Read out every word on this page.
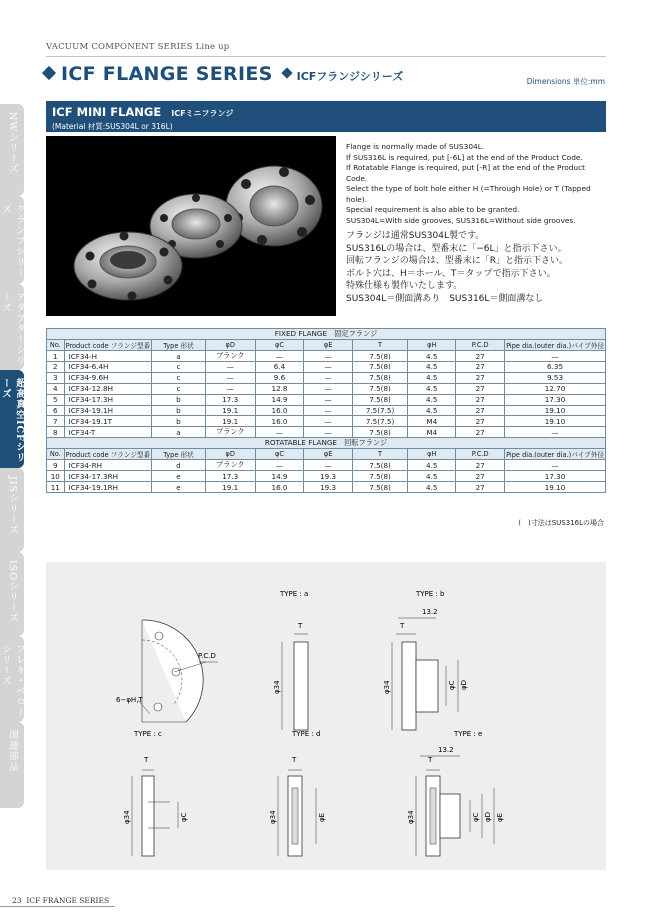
VACUUM COMPONENT SERIES Line up
ICF FLANGE SERIES ICFフランジシリーズ	Dimensions 単位:mm
NWシリーズ
クランプシリーズ
アダプターシリーズ
超高真空ICFシリーズ
JISシリーズ
ISOシリーズ
フレキ・ベローシリーズ
関連部品
ICF MINI FLANGE ICFミニフランジ
(Material 材質:SUS304L or 316L)
Flange is normally made of SUS304L.
If SUS316L is required, put [-6L] at the end of the Product Code.
If Rotatable Flange is required, put [-R] at the end of the Product Code.
Select the type of bolt hole either H (=Through Hole) or T (Tapped hole).
Special requirement is also able to be granted.
SUS304L=With side grooves, SUS316L=Without side grooves.
フランジは通常SUS304L製です。
SUS316Lの場合は、型番末に「−6L」と指示下さい。
回転フランジの場合は、型番末に「R」と指示下さい。
ボルト穴は、H＝ホール、T＝タップで指示下さい。
特殊仕様も製作いたします。
SUS304L＝側面溝あり　SUS316L＝側面溝なし
FIXED FLANGE　固定フランジ									
No.	Product code フランジ型番	Type 形状	φD	φC	φE	T	φH	P.C.D	Pipe dia.(outer dia.)パイプ外径
1	ICF34-H	a	ブランク	—	—	7.5(8)	4.5	27	—
2	ICF34-6.4H	c	—	6.4	—	7.5(8)	4.5	27	6.35
3	ICF34-9.6H	c	—	9.6	—	7.5(8)	4.5	27	9.53
4	ICF34-12.8H	c	—	12.8	—	7.5(8)	4.5	27	12.70
5	ICF34-17.3H	b	17.3	14.9	—	7.5(8)	4.5	27	17.30
6	ICF34-19.1H	b	19.1	16.0	—	7.5(7.5)	4.5	27	19.10
7	ICF34-19.1T	b	19.1	16.0	—	7.5(7.5)	M4	27	19.10
8	ICF34-T	a	ブランク	—	—	7.5(8)	M4	27	—
ROTATABLE FLANGE　回転フランジ									
No.	Product code フランジ型番	Type 形状	φD	φC	φE	T	φH	P.C.D	Pipe dia.(outer dia.)パイプ外径
9	ICF34-RH	d	ブランク	—	—	7.5(8)	4.5	27	—
10	ICF34-17.3RH	e	17.3	14.9	19.3	7.5(8)	4.5	27	17.30
11	ICF34-19.1RH	e	19.1	16.0	19.3	7.5(8)	4.5	27	19.10
(　)寸法はSUS316Lの場合
TYPE : a
P.C.D
6−φH,T
T
φ34
TYPE : b
13.2
T
φ34	φC φD
TYPE : c
T
φ34	φC
TYPE : d
T
φ34	φE
TYPE : e
13.2
T
φ34	φC φD φE
23 ICF FRANGE SERIES
